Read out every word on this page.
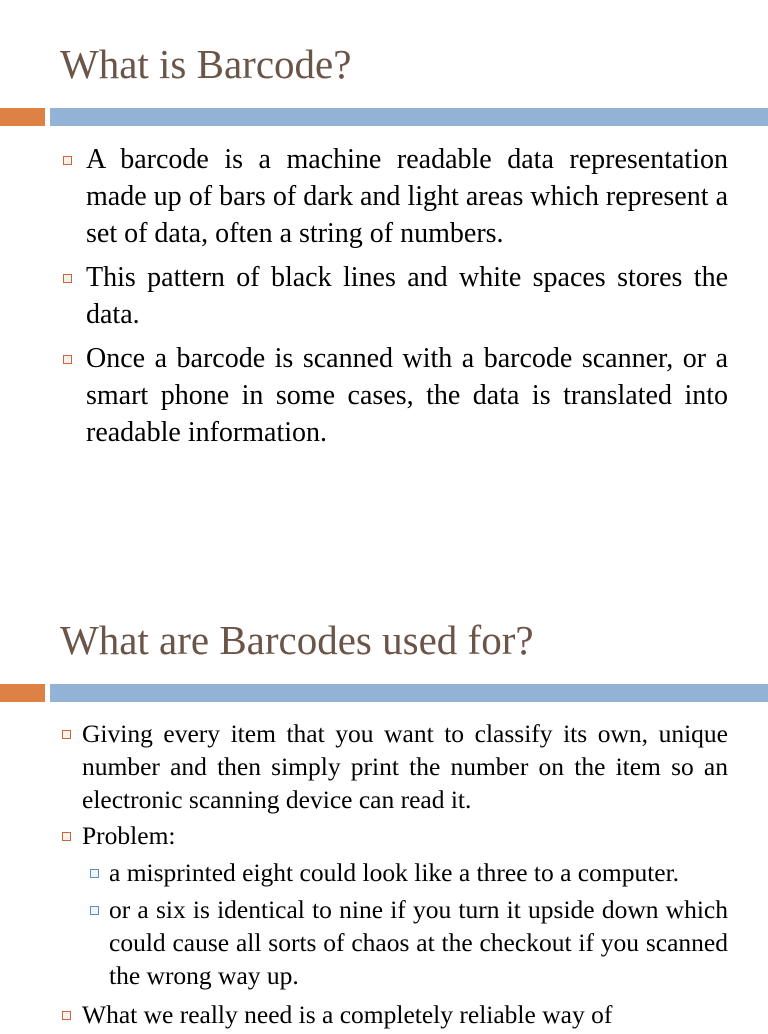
What is Barcode?
A barcode is a machine readable data representation made up of bars of dark and light areas which represent a set of data, often a string of numbers.
This pattern of black lines and white spaces stores the data.
Once a barcode is scanned with a barcode scanner, or a smart phone in some cases, the data is translated into readable information.
What are Barcodes used for?
Giving every item that you want to classify its own, unique number and then simply print the number on the item so an electronic scanning device can read it.
Problem:
a misprinted eight could look like a three to a computer.
or a six is identical to nine if you turn it upside down which could cause all sorts of chaos at the checkout if you scanned the wrong way up.
What we really need is a completely reliable way of
